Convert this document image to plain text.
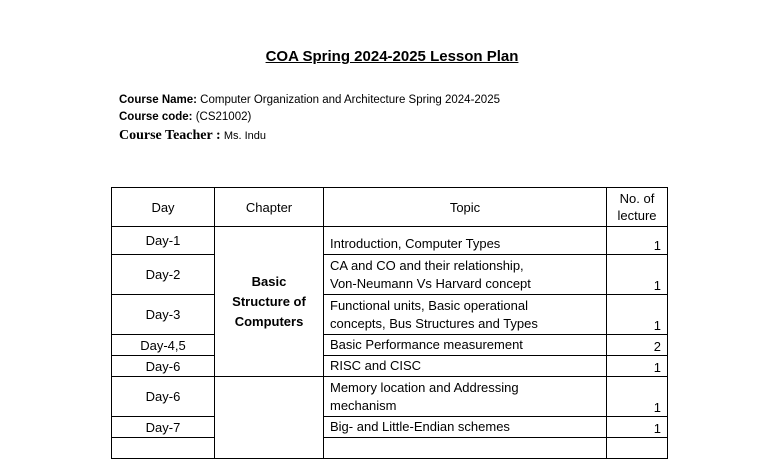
COA Spring 2024-2025 Lesson Plan
Course Name: Computer Organization and Architecture Spring 2024-2025
Course code: (CS21002)
Course Teacher : Ms. Indu
Day	Chapter	Topic	No. of
lecture
Day-1	Basic
Structure of
Computers	Introduction, Computer Types	1
Day-2		CA and CO and their relationship,
Von-Neumann Vs Harvard concept	1
Day-3		Functional units, Basic operational
concepts, Bus Structures and Types	1
Day-4,5		Basic Performance measurement	2
Day-6		RISC and CISC	1
Day-6		Memory location and Addressing
mechanism	1
Day-7		Big- and Little-Endian schemes	1
